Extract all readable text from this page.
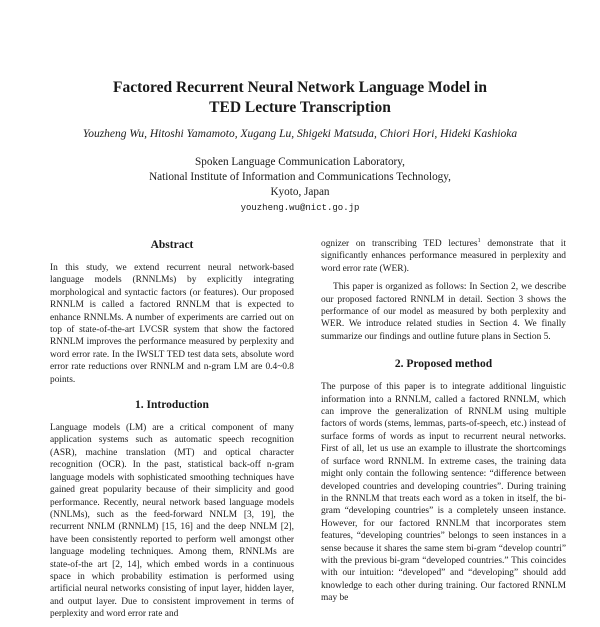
Factored Recurrent Neural Network Language Model in
TED Lecture Transcription
Youzheng Wu, Hitoshi Yamamoto, Xugang Lu, Shigeki Matsuda, Chiori Hori, Hideki Kashioka
Spoken Language Communication Laboratory,
National Institute of Information and Communications Technology,
Kyoto, Japan
youzheng.wu@nict.go.jp
Abstract

In this study, we extend recurrent neural network-based language models (RNNLMs) by explicitly integrating morphological and syntactic factors (or features). Our proposed RNNLM is called a factored RNNLM that is expected to enhance RNNLMs. A number of experiments are carried out on top of state-of-the-art LVCSR system that show the factored RNNLM improves the performance measured by perplexity and word error rate. In the IWSLT TED test data sets, absolute word error rate reductions over RNNLM and n-gram LM are 0.4~0.8 points.

1. Introduction

Language models (LM) are a critical component of many application systems such as automatic speech recognition (ASR), machine translation (MT) and optical character recognition (OCR). In the past, statistical back-off n-gram language models with sophisticated smoothing techniques have gained great popularity because of their simplicity and good performance. Recently, neural network based language models (NNLMs), such as the feed-forward NNLM [3, 19], the recurrent NNLM (RNNLM) [15, 16] and the deep NNLM [2], have been consistently reported to perform well amongst other language modeling techniques. Among them, RNNLMs are state-of-the art [2, 14], which embed words in a continuous space in which probability estimation is performed using artificial neural networks consisting of input layer, hidden layer, and output layer. Due to consistent improvement in terms of perplexity and word error rate and

ognizer on transcribing TED lectures$^1$ demonstrate that it significantly enhances performance measured in perplexity and word error rate (WER).

This paper is organized as follows: In Section 2, we describe our proposed factored RNNLM in detail. Section 3 shows the performance of our model as measured by both perplexity and WER. We introduce related studies in Section 4. We finally summarize our findings and outline future plans in Section 5.

2. Proposed method

The purpose of this paper is to integrate additional linguistic information into a RNNLM, called a factored RNNLM, which can improve the generalization of RNNLM using multiple factors of words (stems, lemmas, parts-of-speech, etc.) instead of surface forms of words as input to recurrent neural networks. First of all, let us use an example to illustrate the shortcomings of surface word RNNLM. In extreme cases, the training data might only contain the following sentence: “difference between developed countries and developing countries”. During training in the RNNLM that treats each word as a token in itself, the bi-gram “developing countries” is a completely unseen instance. However, for our factored RNNLM that incorporates stem features, “developing countries” belongs to seen instances in a sense because it shares the same stem bi-gram “develop countri” with the previous bi-gram “developed countries.” This coincides with our intuition: “developed” and “developing” should add knowledge to each other during training. Our factored RNNLM may be
